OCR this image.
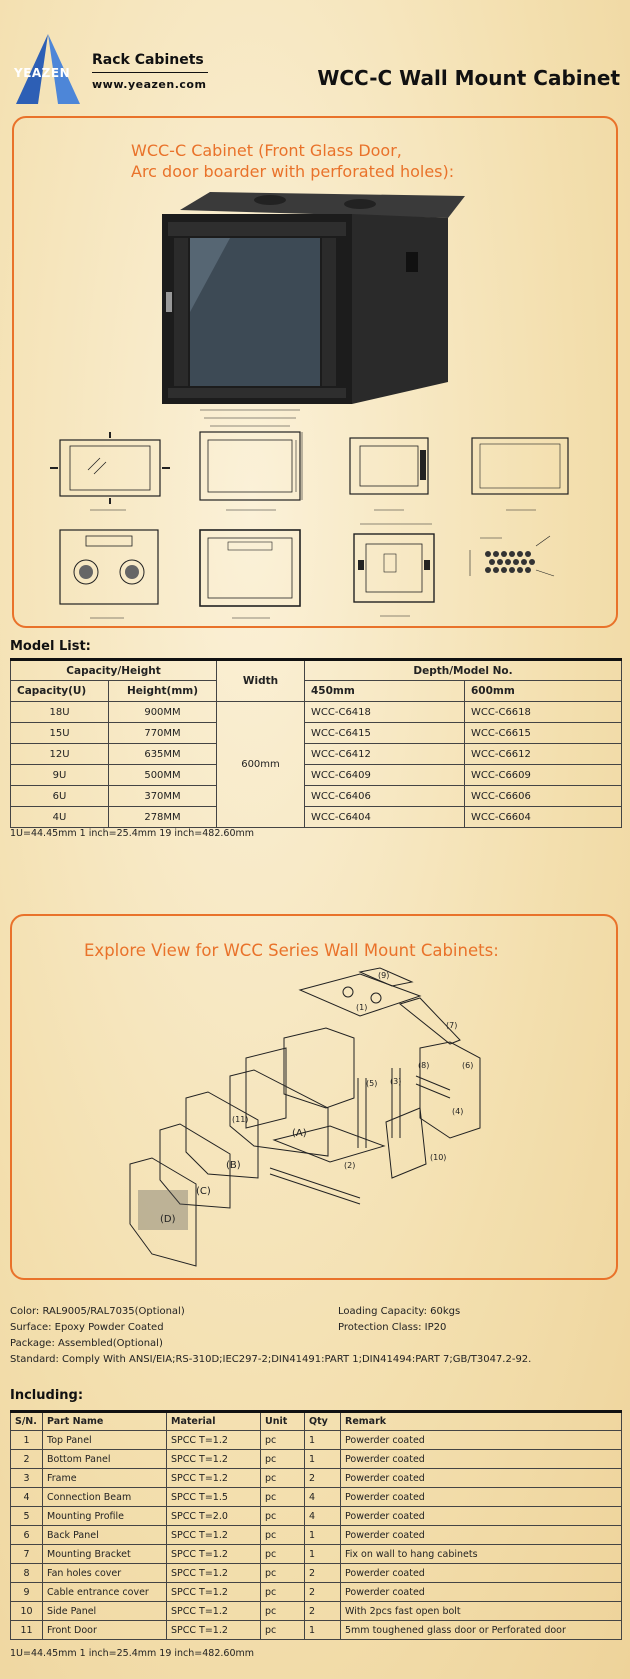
YEAZEN
Rack Cabinets
www.yeazen.com	WCC-C Wall Mount Cabinet
WCC-C Cabinet (Front Glass Door,
Arc door boarder with perforated holes):
Model List:
Capacity/Height		Width	Depth/Model No.	
Capacity(U)	Height(mm)		450mm	600mm
18U	900MM	600mm	WCC-C6418	WCC-C6618
15U	770MM		WCC-C6415	WCC-C6615
12U	635MM		WCC-C6412	WCC-C6612
9U	500MM		WCC-C6409	WCC-C6609
6U	370MM		WCC-C6406	WCC-C6606
4U	278MM		WCC-C6404	WCC-C6604
1U=44.45mm 1 inch=25.4mm 19 inch=482.60mm
Explore View for WCC Series Wall Mount Cabinets:
(9)
(1)
(7)
(6)
(8)
(5) (3)
(4)
(11)
(A)
(2)
(B)
(10)
(C)
(D)
Color: RAL9005/RAL7035(Optional)
Surface: Epoxy Powder Coated
Package: Assembled(Optional)
Standard: Comply With ANSI/EIA;RS-310D;IEC297-2;DIN41491:PART 1;DIN41494:PART 7;GB/T3047.2-92.
Loading Capacity: 60kgs
Protection Class: IP20
Including:
S/N.	Part Name	Material	Unit	Qty	Remark
1	Top Panel	SPCC T=1.2	pc	1	Powerder coated
2	Bottom Panel	SPCC T=1.2	pc	1	Powerder coated
3	Frame	SPCC T=1.2	pc	2	Powerder coated
4	Connection Beam	SPCC T=1.5	pc	4	Powerder coated
5	Mounting Profile	SPCC T=2.0	pc	4	Powerder coated
6	Back Panel	SPCC T=1.2	pc	1	Powerder coated
7	Mounting Bracket	SPCC T=1.2	pc	1	Fix on wall to hang cabinets
8	Fan holes cover	SPCC T=1.2	pc	2	Powerder coated
9	Cable entrance cover	SPCC T=1.2	pc	2	Powerder coated
10	Side Panel	SPCC T=1.2	pc	2	With 2pcs fast open bolt
11	Front Door	SPCC T=1.2	pc	1	5mm toughened glass door or Perforated door
1U=44.45mm 1 inch=25.4mm 19 inch=482.60mm
